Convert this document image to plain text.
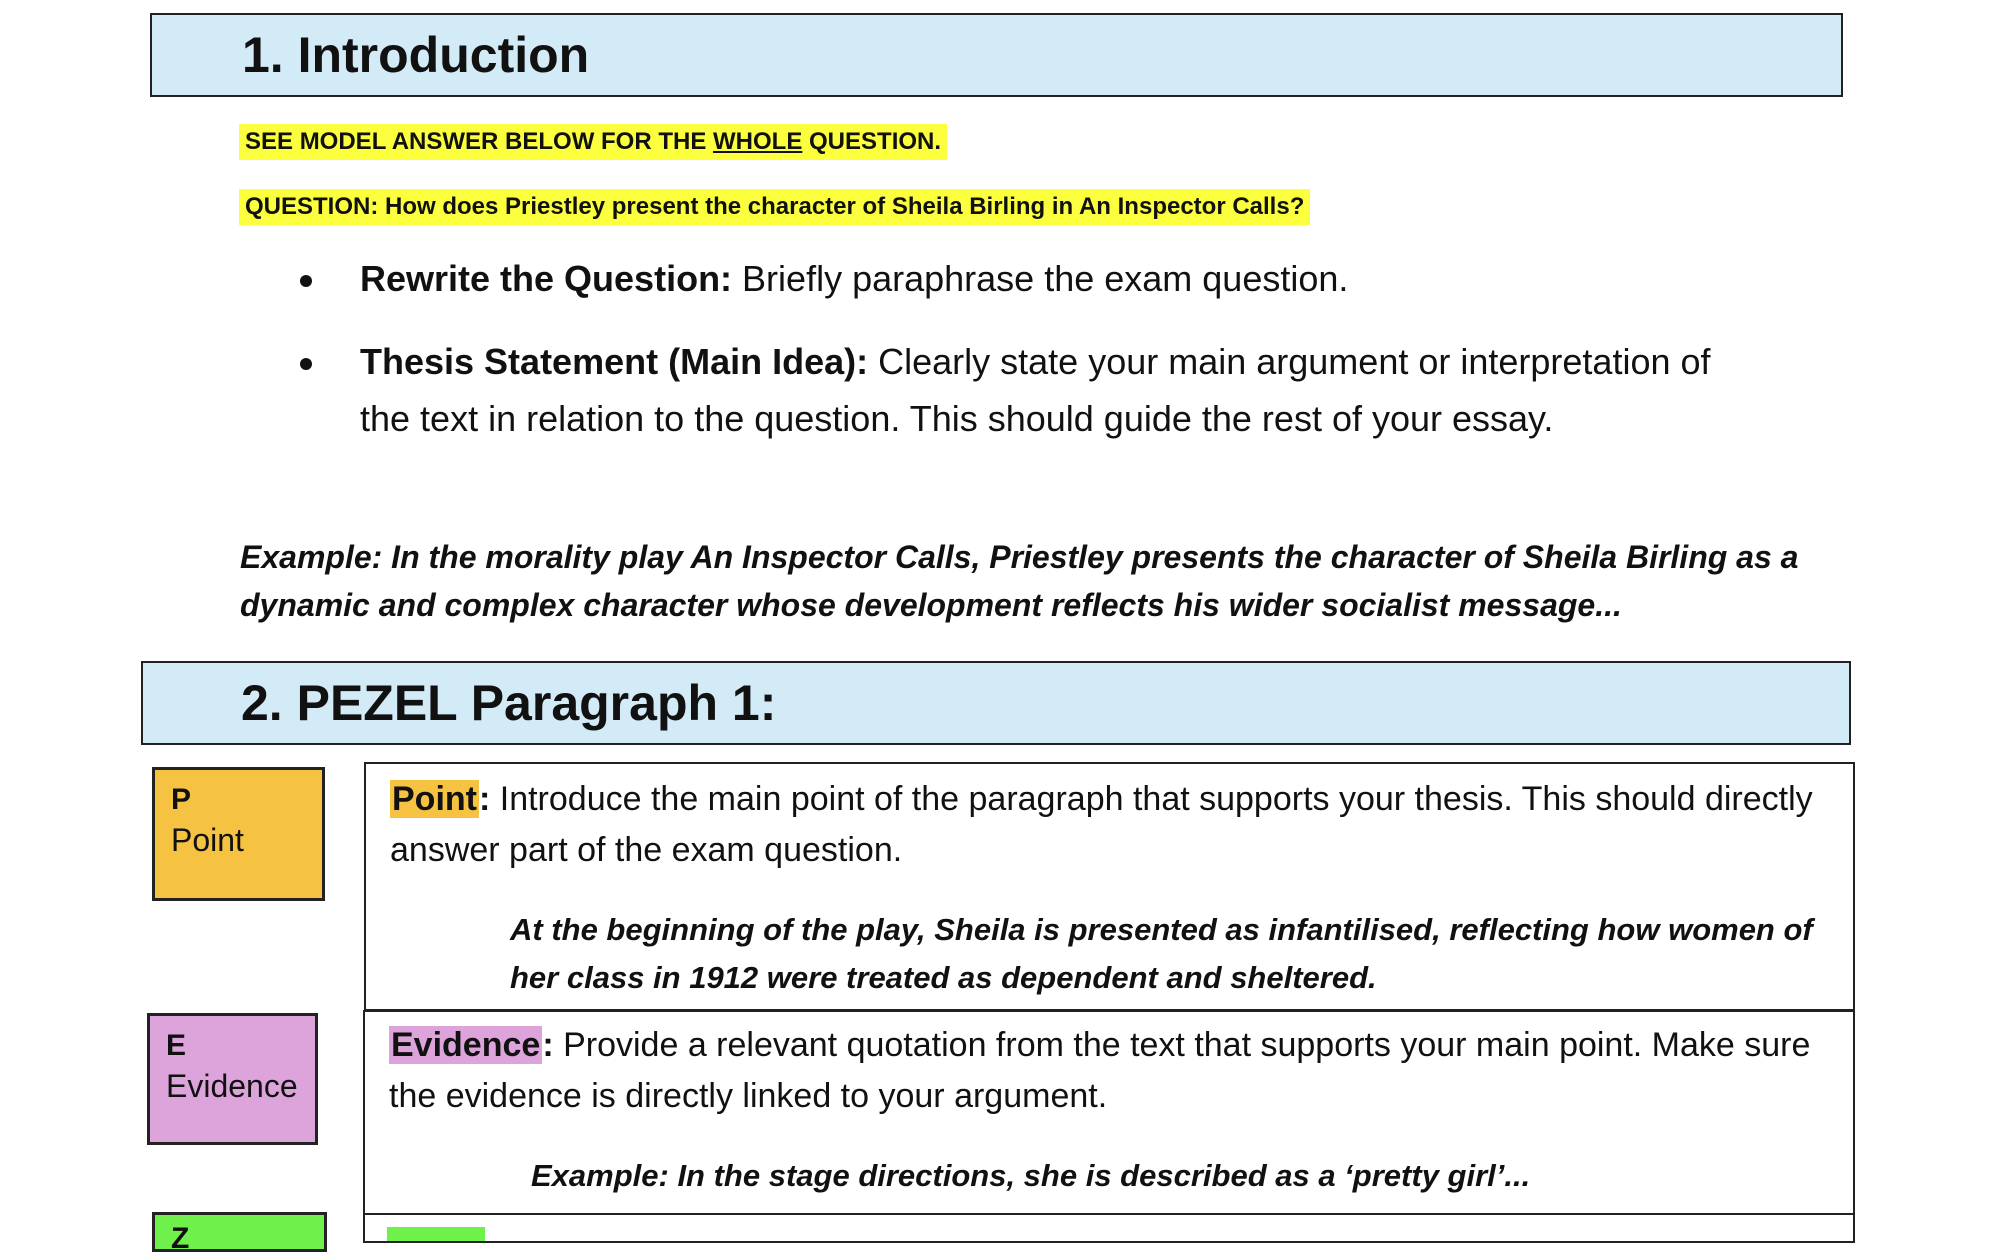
1. Introduction
SEE MODEL ANSWER BELOW FOR THE WHOLE QUESTION.
QUESTION: How does Priestley present the character of Sheila Birling in An Inspector Calls?
Rewrite the Question: Briefly paraphrase the exam question.
Thesis Statement (Main Idea): Clearly state your main argument or interpretation of the text in relation to the question. This should guide the rest of your essay.
Example: In the morality play An Inspector Calls, Priestley presents the character of Sheila Birling as a dynamic and complex character whose development reflects his wider socialist message...
2. PEZEL Paragraph 1:
P
Point
Point: Introduce the main point of the paragraph that supports your thesis. This should directly answer part of the exam question.
At the beginning of the play, Sheila is presented as infantilised, reflecting how women of her class in 1912 were treated as dependent and sheltered.
E
Evidence
Evidence: Provide a relevant quotation from the text that supports your main point. Make sure the evidence is directly linked to your argument.
Example: In the stage directions, she is described as a ‘pretty girl’...
Z
